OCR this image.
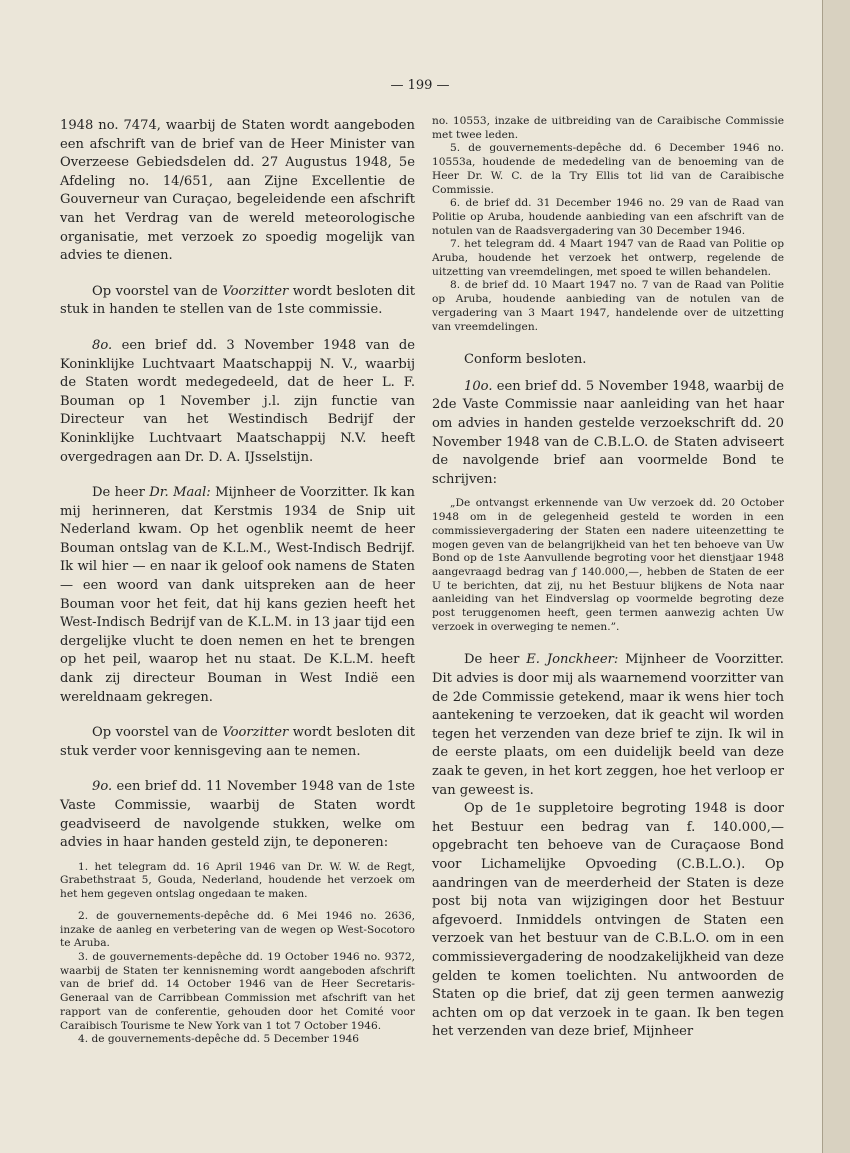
— 199 —

1948 no. 7474, waarbij de Staten wordt aangeboden een afschrift van de brief van de Heer Minister van Overzeese Gebiedsdelen dd. 27 Augustus 1948, 5e Afdeling no. 14/651, aan Zijne Excellentie de Gouverneur van Curaçao, begeleidende een afschrift van het Verdrag van de wereld meteorologische organisatie, met verzoek zo spoedig mogelijk van advies te dienen.

Op voorstel van de Voorzitter wordt besloten dit stuk in handen te stellen van de 1ste commissie.

8o. een brief dd. 3 November 1948 van de Koninklijke Luchtvaart Maatschappij N. V., waarbij de Staten wordt medegedeeld, dat de heer L. F. Bouman op 1 November j.l. zijn functie van Directeur van het Westindisch Bedrijf der Koninklijke Luchtvaart Maatschappij N.V. heeft overgedragen aan Dr. D. A. IJsselstijn.

De heer Dr. Maal: Mijnheer de Voorzitter. Ik kan mij herinneren, dat Kerstmis 1934 de Snip uit Nederland kwam. Op het ogenblik neemt de heer Bouman ontslag van de K.L.M., West-Indisch Bedrijf. Ik wil hier — en naar ik geloof ook namens de Staten — een woord van dank uitspreken aan de heer Bouman voor het feit, dat hij kans gezien heeft het West-Indisch Bedrijf van de K.L.M. in 13 jaar tijd een dergelijke vlucht te doen nemen en het te brengen op het peil, waarop het nu staat. De K.L.M. heeft dank zij directeur Bouman in West Indië een wereldnaam gekregen.

Op voorstel van de Voorzitter wordt besloten dit stuk verder voor kennisgeving aan te nemen.

9o. een brief dd. 11 November 1948 van de 1ste Vaste Commissie, waarbij de Staten wordt geadviseerd de navolgende stukken, welke om advies in haar handen gesteld zijn, te deponeren:

1. het telegram dd. 16 April 1946 van Dr. W. W. de Regt, Grabethstraat 5, Gouda, Nederland, houdende het verzoek om het hem gegeven ontslag ongedaan te maken.

2. de gouvernements-depêche dd. 6 Mei 1946 no. 2636, inzake de aanleg en verbetering van de wegen op West-Socotoro te Aruba.

3. de gouvernements-depêche dd. 19 October 1946 no. 9372, waarbij de Staten ter kennisneming wordt aangeboden afschrift van de brief dd. 14 October 1946 van de Heer Secretaris-Generaal van de Carribbean Commission met afschrift van het rapport van de conferentie, gehouden door het Comité voor Caraibisch Tourisme te New York van 1 tot 7 October 1946.

4. de gouvernements-depêche dd. 5 December 1946

no. 10553, inzake de uitbreiding van de Caraibische Commissie met twee leden.

5. de gouvernements-depêche dd. 6 December 1946 no. 10553a, houdende de mededeling van de benoeming van de Heer Dr. W. C. de la Try Ellis tot lid van de Caraibische Commissie.

6. de brief dd. 31 December 1946 no. 29 van de Raad van Politie op Aruba, houdende aanbieding van een afschrift van de notulen van de Raadsvergadering van 30 December 1946.

7. het telegram dd. 4 Maart 1947 van de Raad van Politie op Aruba, houdende het verzoek het ontwerp, regelende de uitzetting van vreemdelingen, met spoed te willen behandelen.

8. de brief dd. 10 Maart 1947 no. 7 van de Raad van Politie op Aruba, houdende aanbieding van de notulen van de vergadering van 3 Maart 1947, handelende over de uitzetting van vreemdelingen.

Conform besloten.

10o. een brief dd. 5 November 1948, waarbij de 2de Vaste Commissie naar aanleiding van het haar om advies in handen gestelde verzoekschrift dd. 20 November 1948 van de C.B.L.O. de Staten adviseert de navolgende brief aan voormelde Bond te schrijven:

„De ontvangst erkennende van Uw verzoek dd. 20 October 1948 om in de gelegenheid gesteld te worden in een commissievergadering der Staten een nadere uiteenzetting te mogen geven van de belangrijkheid van het ten behoeve van Uw Bond op de 1ste Aanvullende begroting voor het dienstjaar 1948 aangevraagd bedrag van ƒ 140.000,—, hebben de Staten de eer U te berichten, dat zij, nu het Bestuur blijkens de Nota naar aanleiding van het Eindverslag op voormelde begroting deze post teruggenomen heeft, geen termen aanwezig achten Uw verzoek in overweging te nemen.”.

De heer E. Jonckheer: Mijnheer de Voorzitter. Dit advies is door mij als waarnemend voorzitter van de 2de Commissie getekend, maar ik wens hier toch aantekening te verzoeken, dat ik geacht wil worden tegen het verzenden van deze brief te zijn. Ik wil in de eerste plaats, om een duidelijk beeld van deze zaak te geven, in het kort zeggen, hoe het verloop er van geweest is.

Op de 1e suppletoire begroting 1948 is door het Bestuur een bedrag van f. 140.000,— opgebracht ten behoeve van de Curaçaose Bond voor Lichamelijke Opvoeding (C.B.L.O.). Op aandringen van de meerderheid der Staten is deze post bij nota van wijzigingen door het Bestuur afgevoerd. Inmiddels ontvingen de Staten een verzoek van het bestuur van de C.B.L.O. om in een commissievergadering de noodzakelijkheid van deze gelden te komen toelichten. Nu antwoorden de Staten op die brief, dat zij geen termen aanwezig achten om op dat verzoek in te gaan. Ik ben tegen het verzenden van deze brief, Mijnheer
